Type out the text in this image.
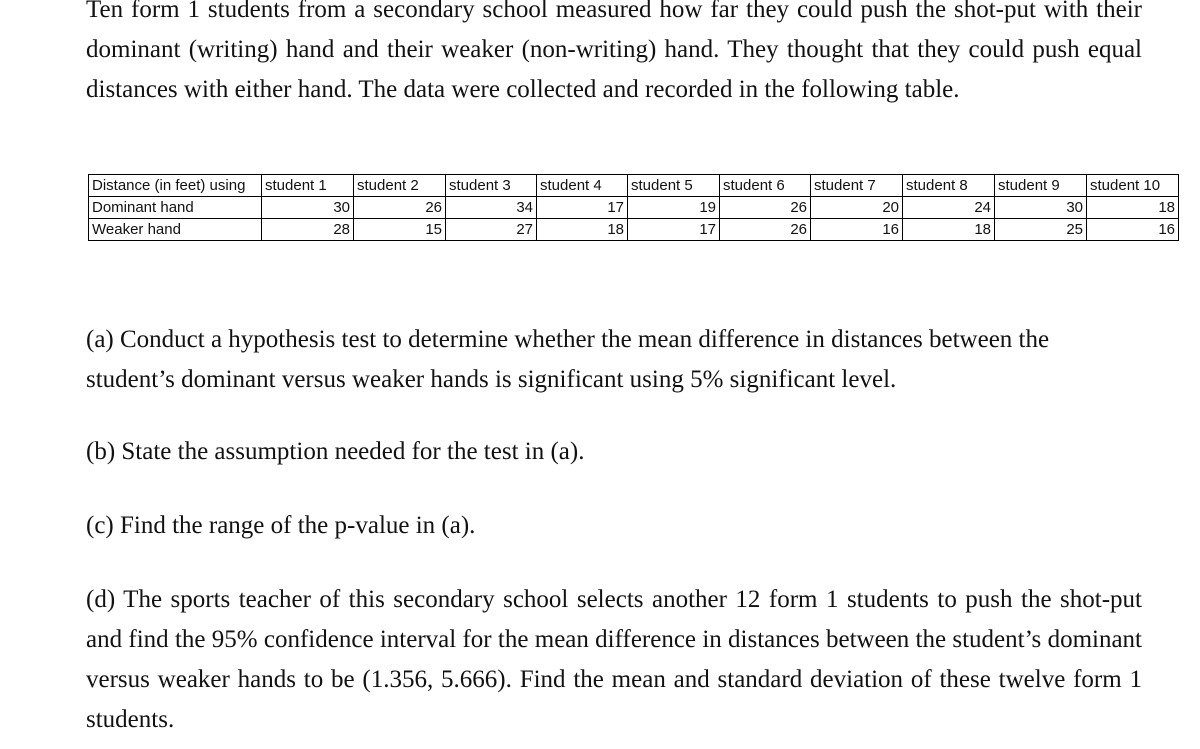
Ten form 1 students from a secondary school measured how far they could push the shot-put with their dominant (writing) hand and their weaker (non-writing) hand. They thought that they could push equal distances with either hand. The data were collected and recorded in the following table.

Distance (in feet) using	student 1	student 2	student 3	student 4	student 5	student 6	student 7	student 8	student 9	student 10
Dominant hand	30	26	34	17	19	26	20	24	30	18
Weaker hand	28	15	27	18	17	26	16	18	25	16

(a) Conduct a hypothesis test to determine whether the mean difference in distances between the student’s dominant versus weaker hands is significant using 5% significant level.

(b) State the assumption needed for the test in (a).

(c) Find the range of the p-value in (a).

(d) The sports teacher of this secondary school selects another 12 form 1 students to push the shot-put and find the 95% confidence interval for the mean difference in distances between the student’s dominant versus weaker hands to be (1.356, 5.666). Find the mean and standard deviation of these twelve form 1 students.
